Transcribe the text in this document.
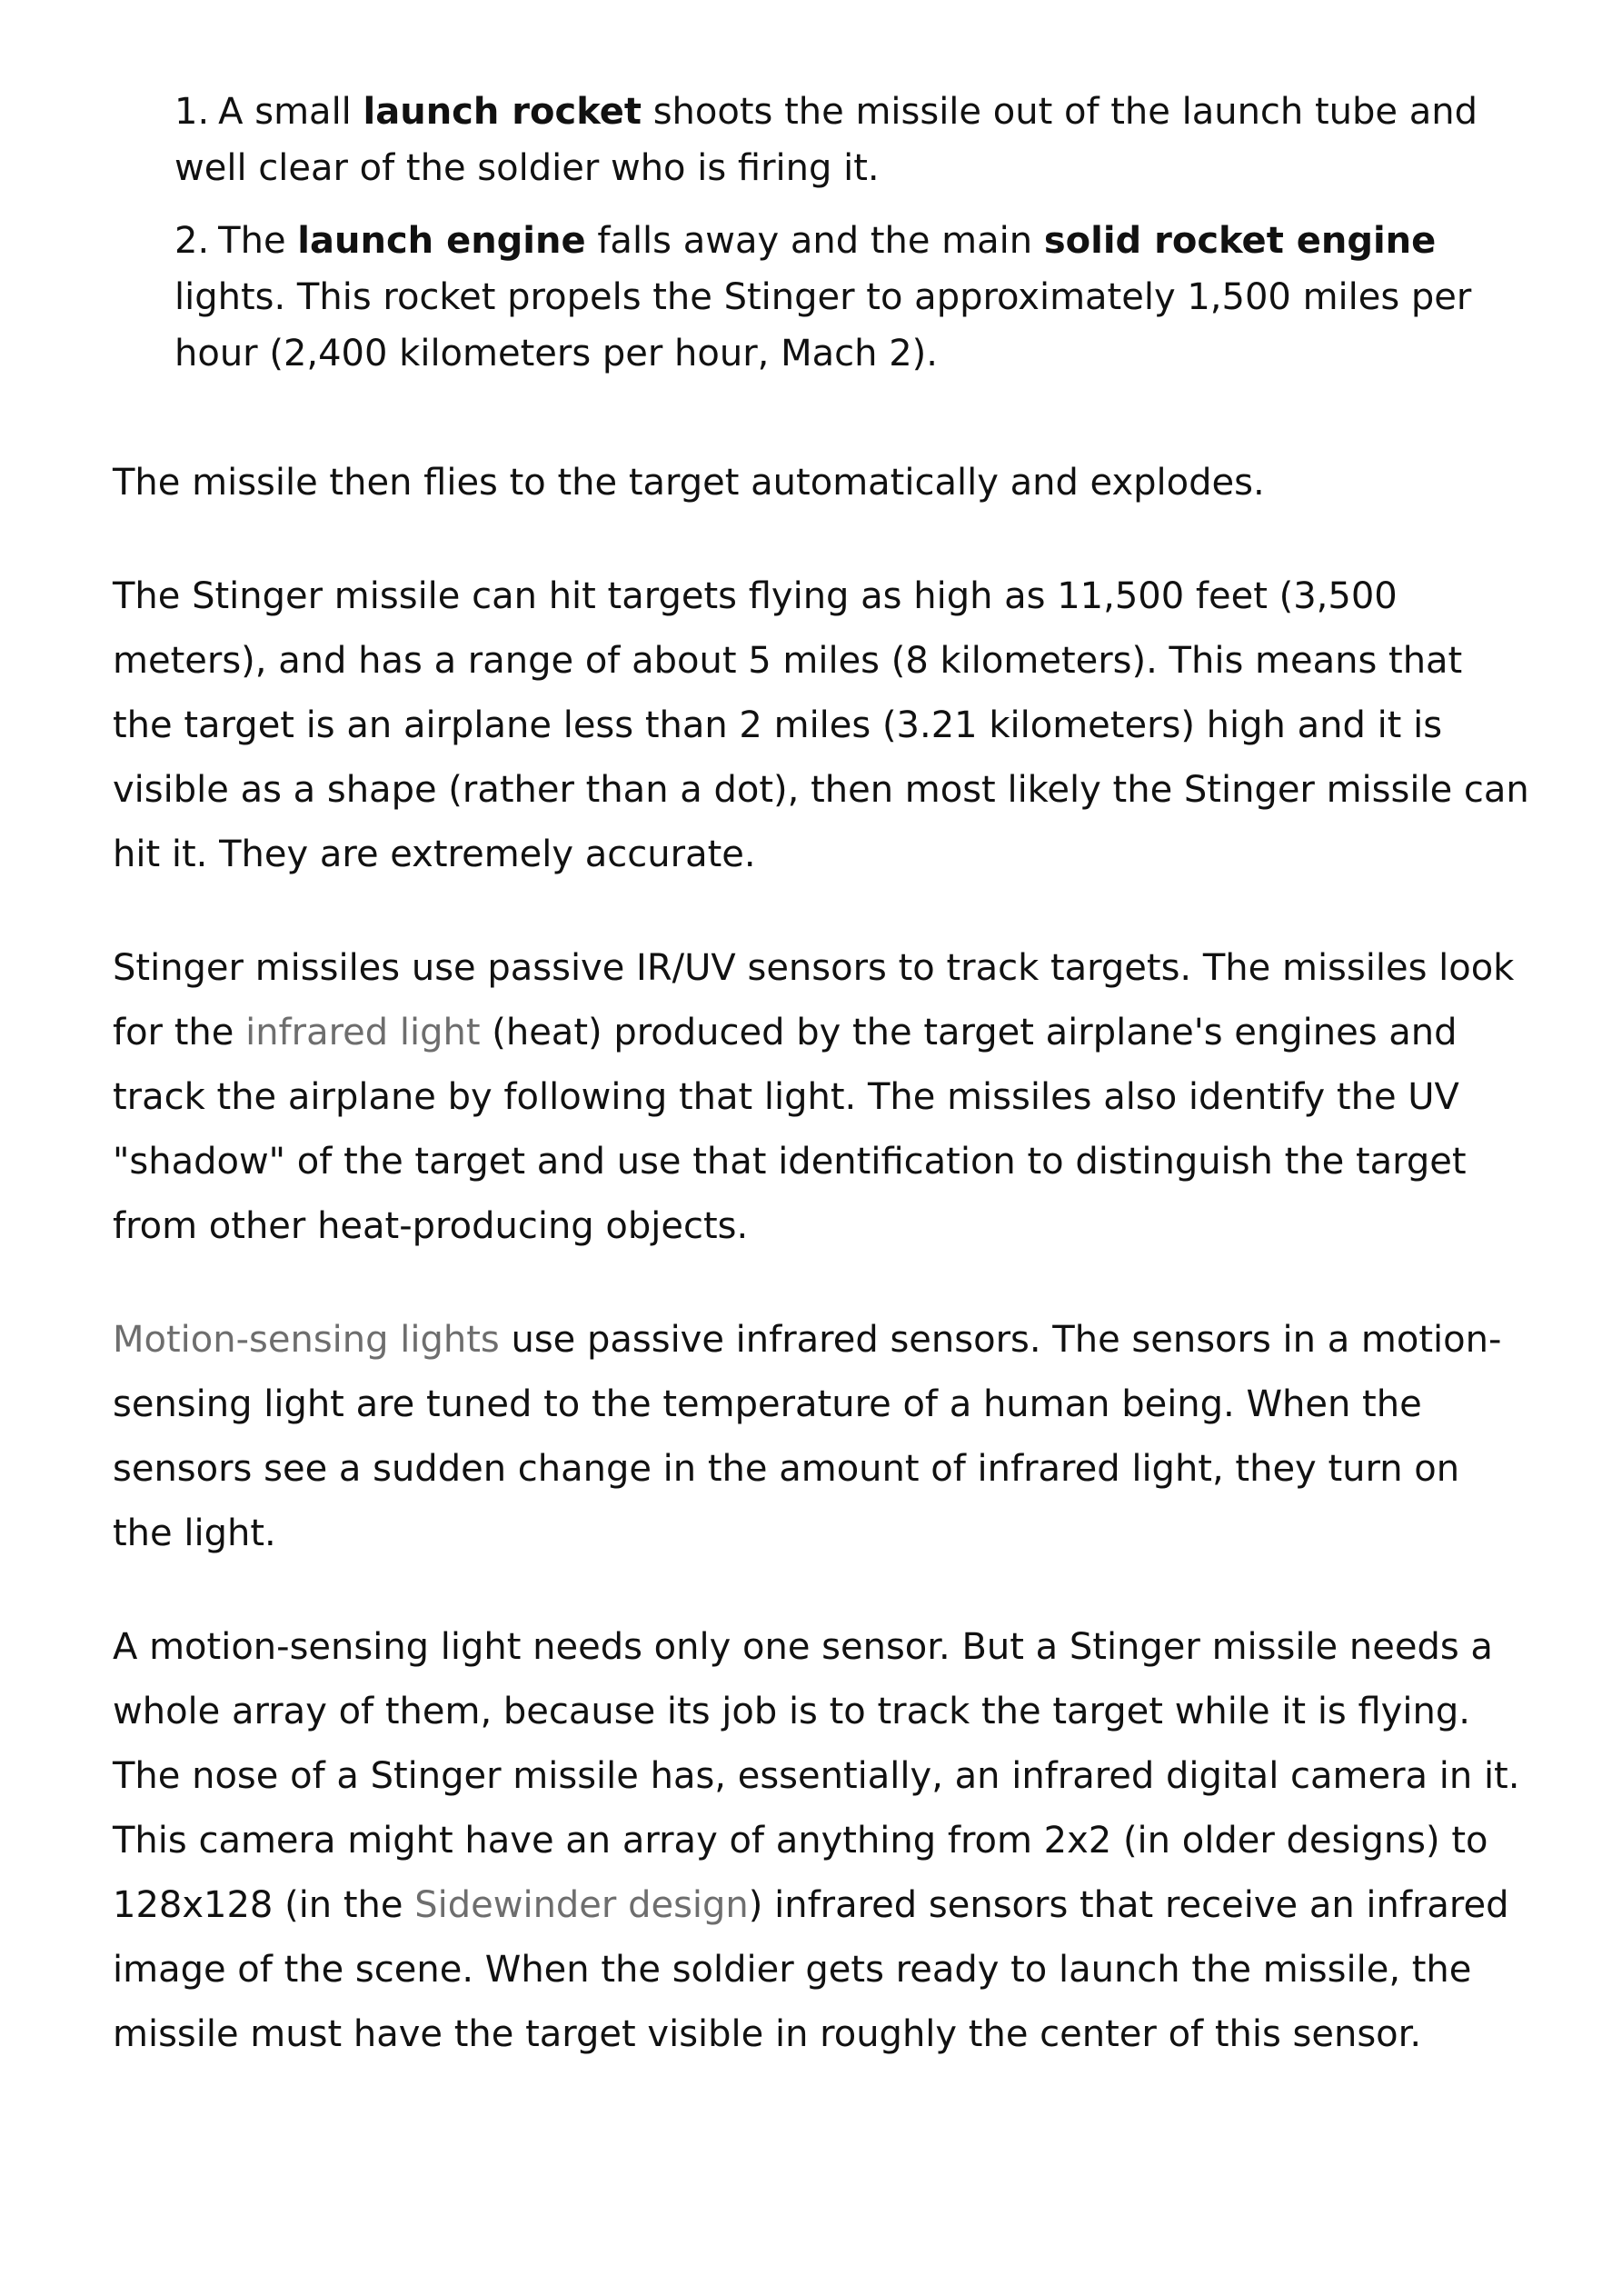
1. A small launch rocket shoots the missile out of the launch tube and well clear of the soldier who is firing it.
2. The launch engine falls away and the main solid rocket engine lights. This rocket propels the Stinger to approximately 1,500 miles per hour (2,400 kilometers per hour, Mach 2).

The missile then flies to the target automatically and explodes.

The Stinger missile can hit targets flying as high as 11,500 feet (3,500 meters), and has a range of about 5 miles (8 kilometers). This means that the target is an airplane less than 2 miles (3.21 kilometers) high and it is visible as a shape (rather than a dot), then most likely the Stinger missile can hit it. They are extremely accurate.

Stinger missiles use passive IR/UV sensors to track targets. The missiles look for the infrared light (heat) produced by the target airplane's engines and track the airplane by following that light. The missiles also identify the UV "shadow" of the target and use that identification to distinguish the target from other heat-producing objects.

Motion-sensing lights use passive infrared sensors. The sensors in a motion-sensing light are tuned to the temperature of a human being. When the sensors see a sudden change in the amount of infrared light, they turn on the light.

A motion-sensing light needs only one sensor. But a Stinger missile needs a whole array of them, because its job is to track the target while it is flying. The nose of a Stinger missile has, essentially, an infrared digital camera in it. This camera might have an array of anything from 2x2 (in older designs) to 128x128 (in the Sidewinder design) infrared sensors that receive an infrared image of the scene. When the soldier gets ready to launch the missile, the missile must have the target visible in roughly the center of this sensor.
